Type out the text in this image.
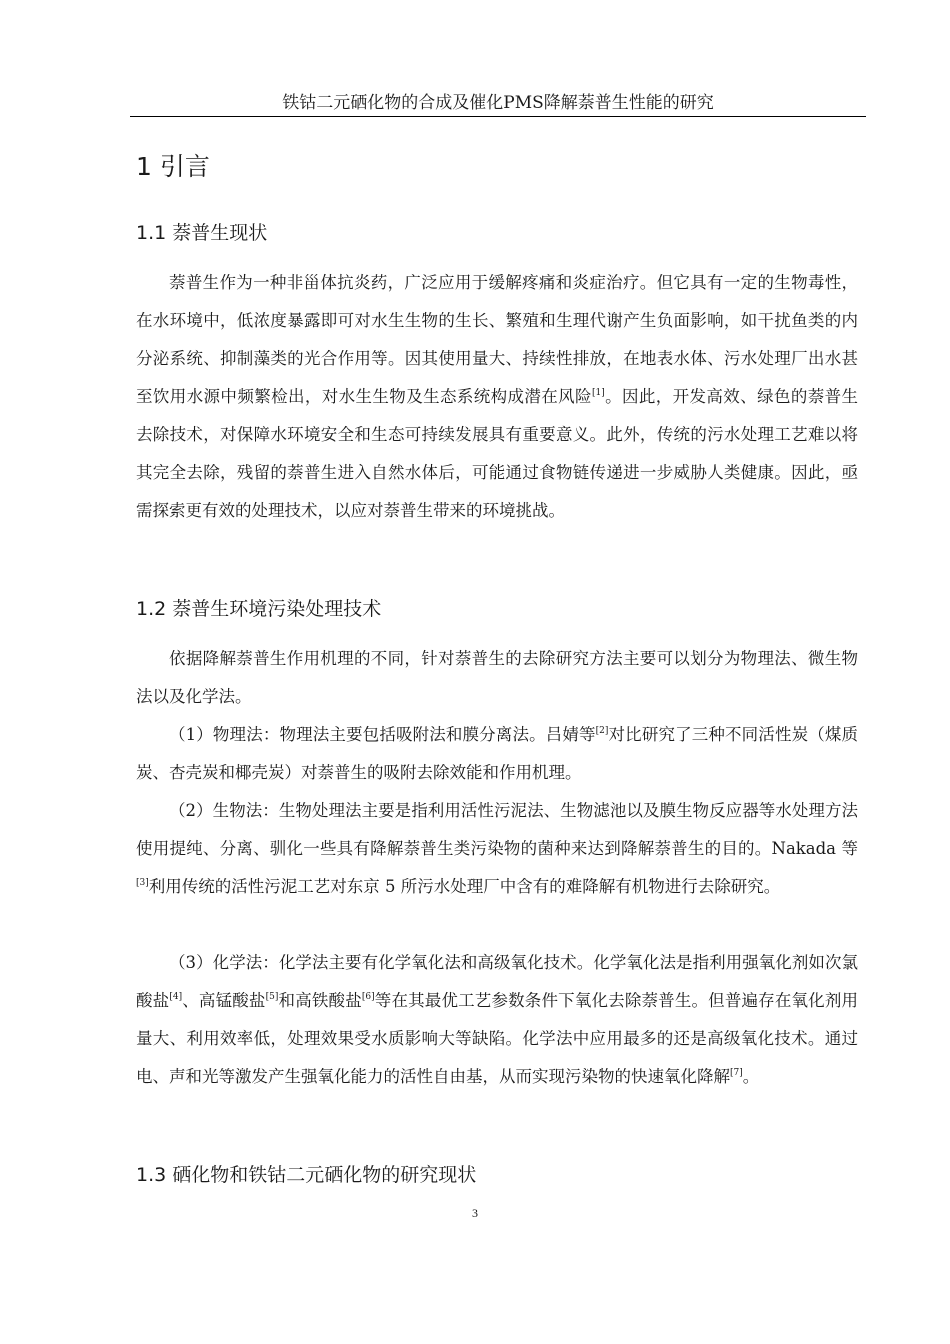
铁钴二元硒化物的合成及催化PMS降解萘普生性能的研究
1 引言
1.1 萘普生现状

萘普生作为一种非甾体抗炎药，广泛应用于缓解疼痛和炎症治疗。但它具有一定的生物毒性，在水环境中，低浓度暴露即可对水生生物的生长、繁殖和生理代谢产生负面影响，如干扰鱼类的内分泌系统、抑制藻类的光合作用等。因其使用量大、持续性排放，在地表水体、污水处理厂出水甚至饮用水源中频繁检出，对水生生物及生态系统构成潜在风险[1]。因此，开发高效、绿色的萘普生去除技术，对保障水环境安全和生态可持续发展具有重要意义。此外，传统的污水处理工艺难以将其完全去除，残留的萘普生进入自然水体后，可能通过食物链传递进一步威胁人类健康。因此，亟需探索更有效的处理技术，以应对萘普生带来的环境挑战。

1.2 萘普生环境污染处理技术

依据降解萘普生作用机理的不同，针对萘普生的去除研究方法主要可以划分为物理法、微生物法以及化学法。

（1）物理法：物理法主要包括吸附法和膜分离法。吕婧等[2]对比研究了三种不同活性炭（煤质炭、杏壳炭和椰壳炭）对萘普生的吸附去除效能和作用机理。

（2）生物法：生物处理法主要是指利用活性污泥法、生物滤池以及膜生物反应器等水处理方法使用提纯、分离、驯化一些具有降解萘普生类污染物的菌种来达到降解萘普生的目的。Nakada 等[3]利用传统的活性污泥工艺对东京 5 所污水处理厂中含有的难降解有机物进行去除研究。

（3）化学法：化学法主要有化学氧化法和高级氧化技术。化学氧化法是指利用强氧化剂如次氯酸盐[4]、高锰酸盐[5]和高铁酸盐[6]等在其最优工艺参数条件下氧化去除萘普生。但普遍存在氧化剂用量大、利用效率低，处理效果受水质影响大等缺陷。化学法中应用最多的还是高级氧化技术。通过电、声和光等激发产生强氧化能力的活性自由基，从而实现污染物的快速氧化降解[7]。

1.3 硒化物和铁钴二元硒化物的研究现状
3
